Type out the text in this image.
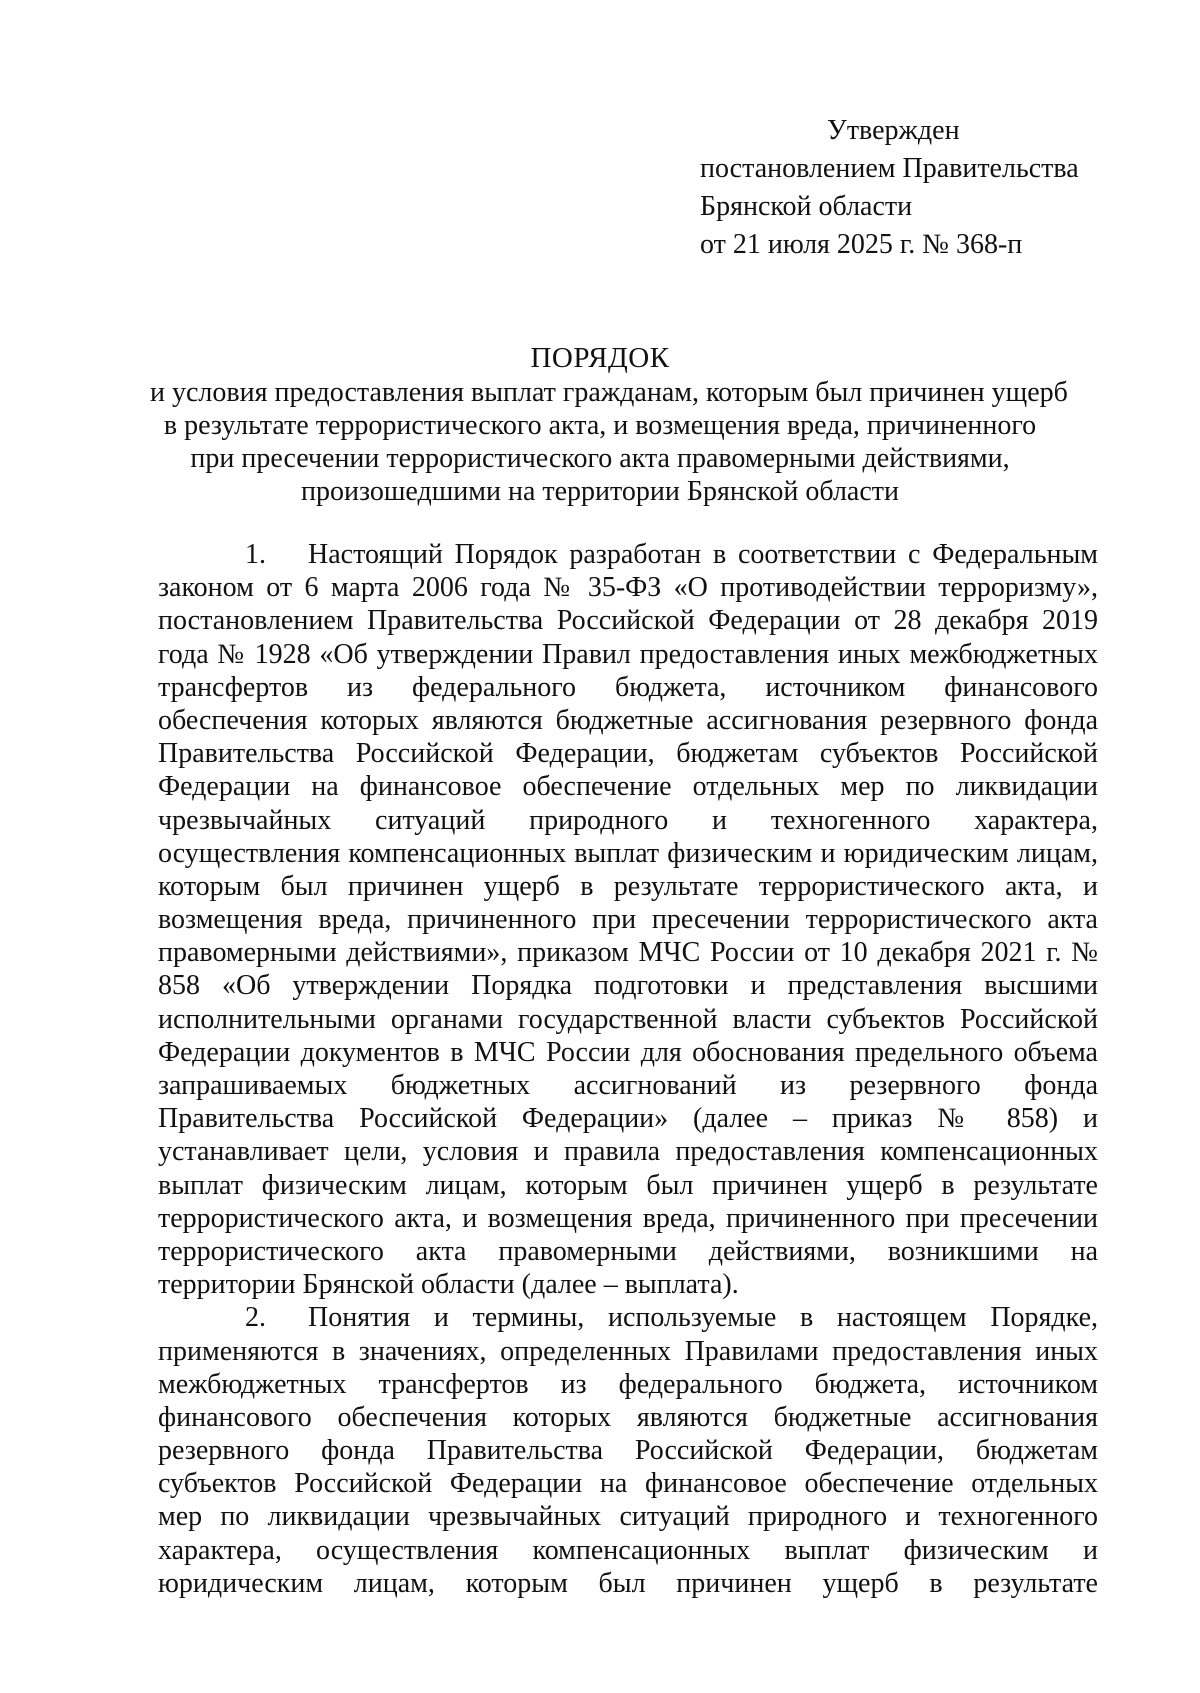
Утвержден
постановлением Правительства
Брянской области
от 21 июля 2025 г. № 368-п
ПОРЯДОК
и условия предоставления выплат гражданам, которым был причинен ущерб
в результате террористического акта, и возмещения вреда, причиненного
при пресечении террористического акта правомерными действиями,
произошедшими на территории Брянской области
1.	Настоящий Порядок разработан в соответствии с Федеральным
законом от 6 марта 2006 года № 35-ФЗ «О противодействии терроризму»,
постановлением Правительства Российской Федерации от 28 декабря 2019
года № 1928 «Об утверждении Правил предоставления иных межбюджетных
трансфертов из федерального бюджета, источником финансового
обеспечения которых являются бюджетные ассигнования резервного фонда
Правительства Российской Федерации, бюджетам субъектов Российской
Федерации на финансовое обеспечение отдельных мер по ликвидации
чрезвычайных ситуаций природного и техногенного характера,
осуществления компенсационных выплат физическим и юридическим лицам,
которым был причинен ущерб в результате террористического акта, и
возмещения вреда, причиненного при пресечении террористического акта
правомерными действиями», приказом МЧС России от 10 декабря 2021 г. №
858 «Об утверждении Порядка подготовки и представления высшими
исполнительными органами государственной власти субъектов Российской
Федерации документов в МЧС России для обоснования предельного объема
запрашиваемых бюджетных ассигнований из резервного фонда
Правительства Российской Федерации» (далее – приказ № 858) и
устанавливает цели, условия и правила предоставления компенсационных
выплат физическим лицам, которым был причинен ущерб в результате
террористического акта, и возмещения вреда, причиненного при пресечении
террористического акта правомерными действиями, возникшими на
территории Брянской области (далее – выплата).
2.	Понятия и термины, используемые в настоящем Порядке,
применяются в значениях, определенных Правилами предоставления иных
межбюджетных трансфертов из федерального бюджета, источником
финансового обеспечения которых являются бюджетные ассигнования
резервного фонда Правительства Российской Федерации, бюджетам
субъектов Российской Федерации на финансовое обеспечение отдельных
мер по ликвидации чрезвычайных ситуаций природного и техногенного
характера, осуществления компенсационных выплат физическим и
юридическим лицам, которым был причинен ущерб в результате
